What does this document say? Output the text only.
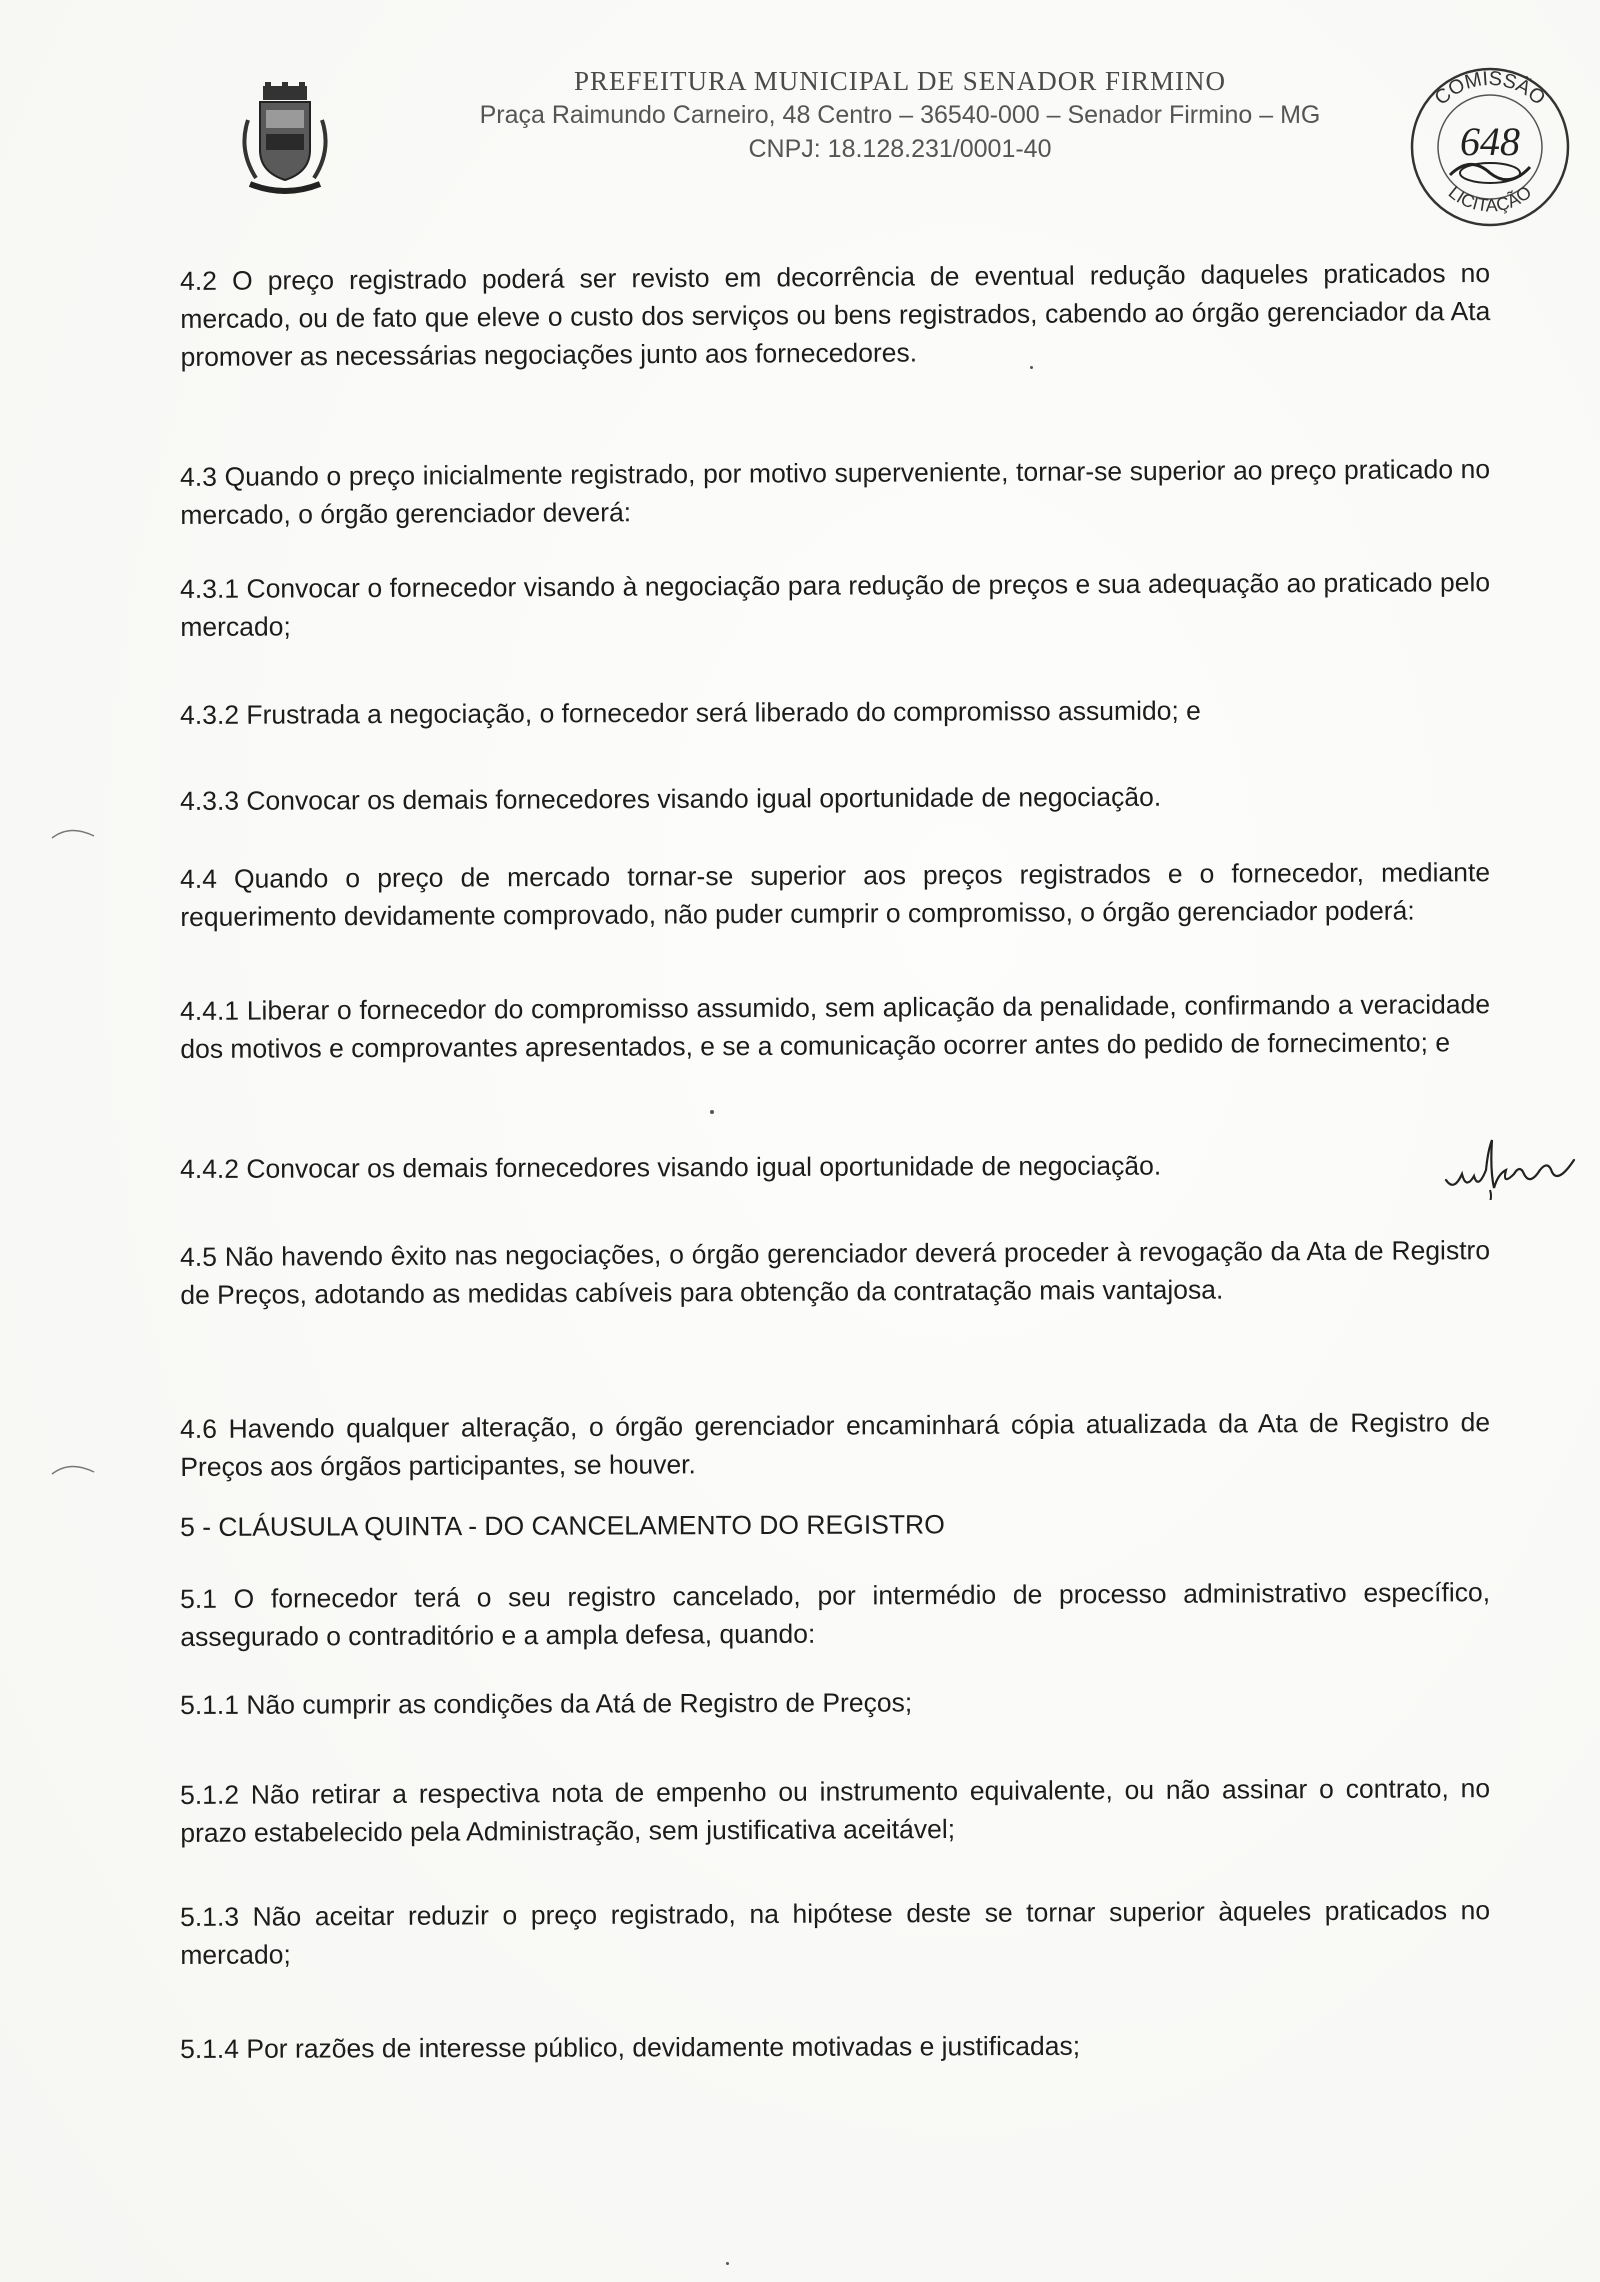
PREFEITURA MUNICIPAL DE SENADOR FIRMINO
Praça Raimundo Carneiro, 48 Centro – 36540-000 – Senador Firmino – MG
CNPJ: 18.128.231/0001-40
COMISSÃO
LICITAÇÃO
648

4.2 O preço registrado poderá ser revisto em decorrência de eventual redução daqueles praticados no mercado, ou de fato que eleve o custo dos serviços ou bens registrados, cabendo ao órgão gerenciador da Ata promover as necessárias negociações junto aos fornecedores.

4.3 Quando o preço inicialmente registrado, por motivo superveniente, tornar-se superior ao preço praticado no mercado, o órgão gerenciador deverá:

4.3.1 Convocar o fornecedor visando à negociação para redução de preços e sua adequação ao praticado pelo mercado;

4.3.2 Frustrada a negociação, o fornecedor será liberado do compromisso assumido; e

4.3.3 Convocar os demais fornecedores visando igual oportunidade de negociação.

4.4 Quando o preço de mercado tornar-se superior aos preços registrados e o fornecedor, mediante requerimento devidamente comprovado, não puder cumprir o compromisso, o órgão gerenciador poderá:

4.4.1 Liberar o fornecedor do compromisso assumido, sem aplicação da penalidade, confirmando a veracidade dos motivos e comprovantes apresentados, e se a comunicação ocorrer antes do pedido de fornecimento; e

4.4.2 Convocar os demais fornecedores visando igual oportunidade de negociação.

4.5 Não havendo êxito nas negociações, o órgão gerenciador deverá proceder à revogação da Ata de Registro de Preços, adotando as medidas cabíveis para obtenção da contratação mais vantajosa.

4.6 Havendo qualquer alteração, o órgão gerenciador encaminhará cópia atualizada da Ata de Registro de Preços aos órgãos participantes, se houver.

5 - CLÁUSULA QUINTA - DO CANCELAMENTO DO REGISTRO

5.1 O fornecedor terá o seu registro cancelado, por intermédio de processo administrativo específico, assegurado o contraditório e a ampla defesa, quando:

5.1.1 Não cumprir as condições da Atá de Registro de Preços;

5.1.2 Não retirar a respectiva nota de empenho ou instrumento equivalente, ou não assinar o contrato, no prazo estabelecido pela Administração, sem justificativa aceitável;

5.1.3 Não aceitar reduzir o preço registrado, na hipótese deste se tornar superior àqueles praticados no mercado;

5.1.4 Por razões de interesse público, devidamente motivadas e justificadas;
